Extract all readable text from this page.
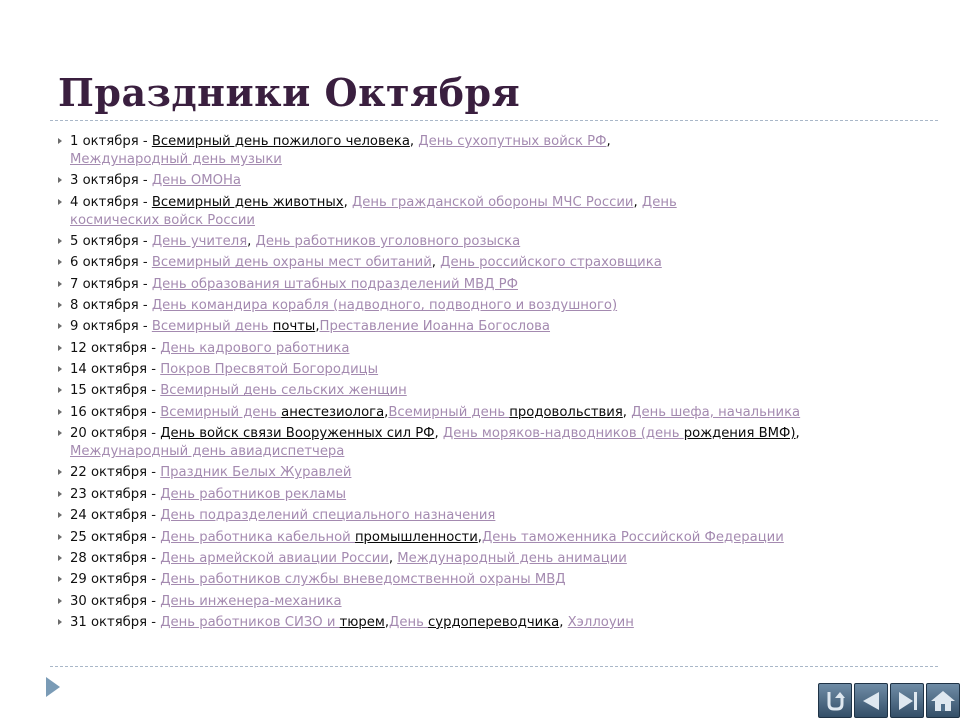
Праздники Октября
1 октября - Всемирный день пожилого человека, День сухопутных войск РФ, Международный день музыки
3 октября - День ОМОНа
4 октября - Всемирный день животных, День гражданской обороны МЧС России, День космических войск России
5 октября - День учителя, День работников уголовного розыска
6 октября - Всемирный день охраны мест обитаний, День российского страховщика
7 октября - День образования штабных подразделений МВД РФ
8 октября - День командира корабля (надводного, подводного и воздушного)
9 октября - Всемирный день почты,Преставление Иоанна Богослова
12 октября - День кадрового работника
14 октября - Покров Пресвятой Богородицы
15 октября - Всемирный день сельских женщин
16 октября - Всемирный день анестезиолога,Всемирный день продовольствия, День шефа, начальника
20 октября - День войск связи Вооруженных сил РФ, День моряков-надводников (день рождения ВМФ), Международный день авиадиспетчера
22 октября - Праздник Белых Журавлей
23 октября - День работников рекламы
24 октября - День подразделений специального назначения
25 октября - День работника кабельной промышленности,День таможенника Российской Федерации
28 октября - День армейской авиации России, Международный день анимации
29 октября - День работников службы вневедомственной охраны МВД
30 октября - День инженера-механика
31 октября - День работников СИЗО и тюрем,День сурдопереводчика, Хэллоуин
